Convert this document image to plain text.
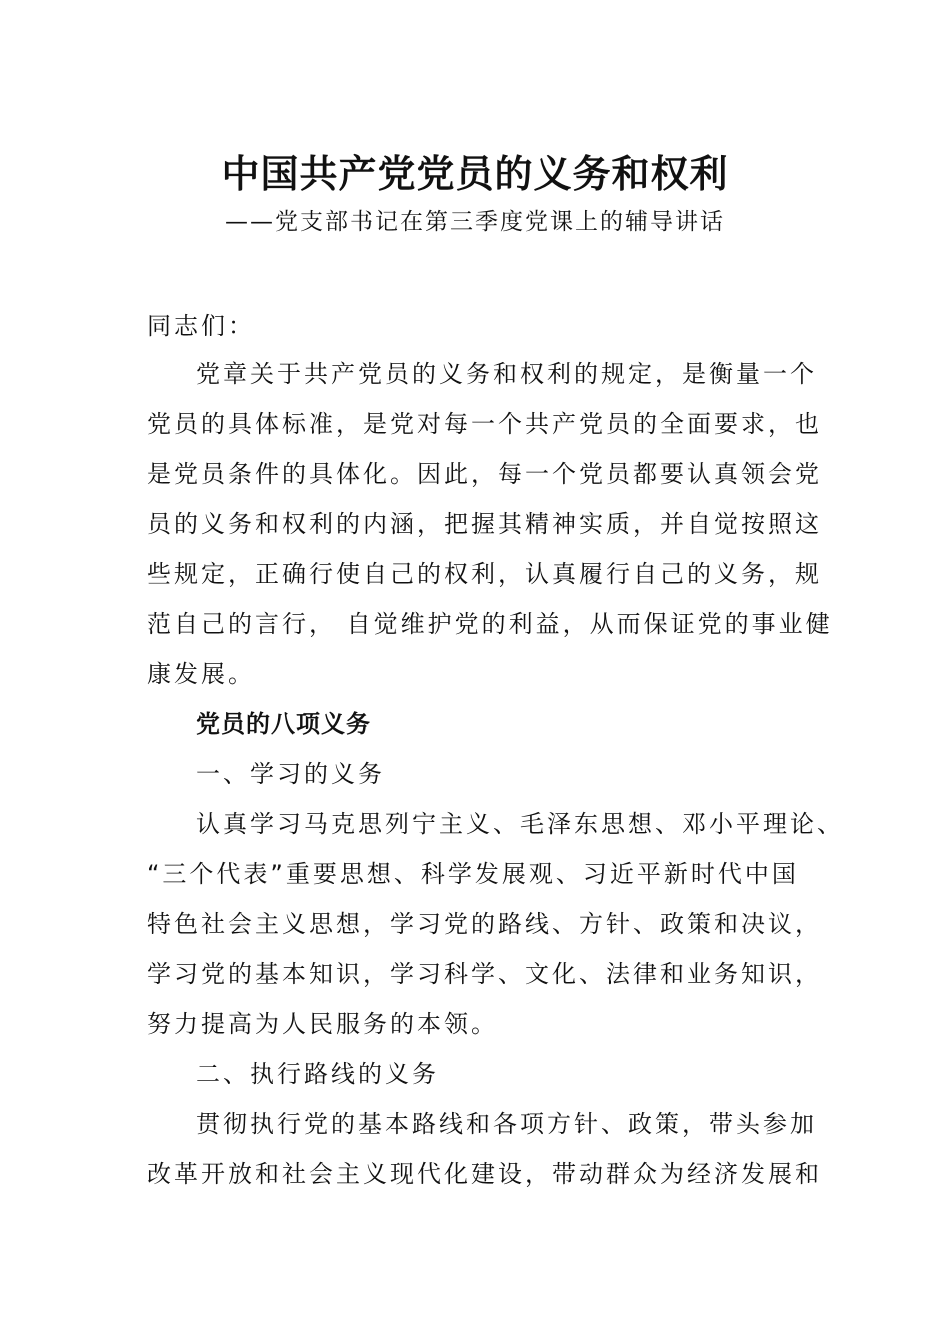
中国共产党党员的义务和权利
——党支部书记在第三季度党课上的辅导讲话
同志们：
党章关于共产党员的义务和权利的规定，是衡量一个
党员的具体标准，是党对每一个共产党员的全面要求，也
是党员条件的具体化。因此，每一个党员都要认真领会党
员的义务和权利的内涵，把握其精神实质，并自觉按照这
些规定，正确行使自己的权利，认真履行自己的义务，规
范自己的言行， 自觉维护党的利益，从而保证党的事业健
康发展。
党员的八项义务
一、学习的义务
认真学习马克思列宁主义、毛泽东思想、邓小平理论、
“三个代表”重要思想、科学发展观、习近平新时代中国
特色社会主义思想，学习党的路线、方针、政策和决议，
学习党的基本知识，学习科学、文化、法律和业务知识，
努力提高为人民服务的本领。
二、执行路线的义务
贯彻执行党的基本路线和各项方针、政策，带头参加
改革开放和社会主义现代化建设，带动群众为经济发展和
